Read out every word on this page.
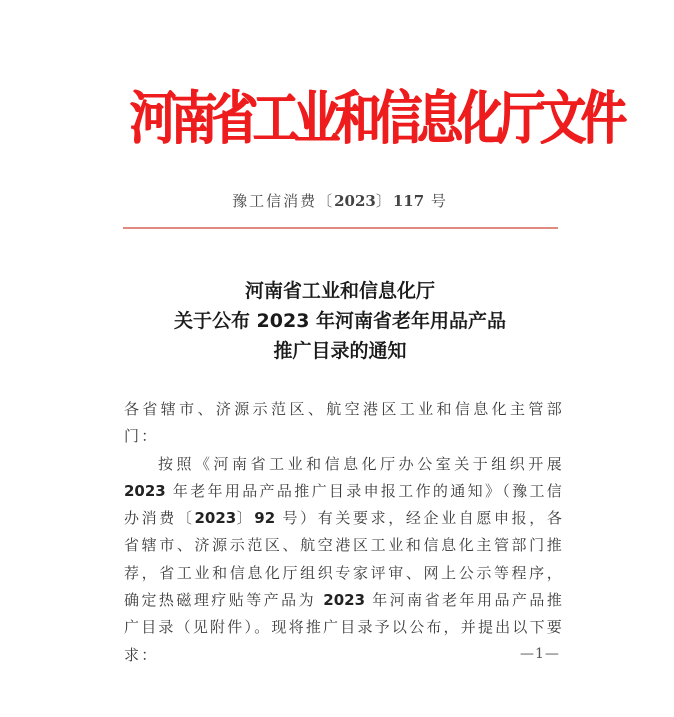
河南省工业和信息化厅文件
豫工信消费〔2023〕117 号
河南省工业和信息化厅
关于公布 2023 年河南省老年用品产品
推广目录的通知

各省辖市、济源示范区、航空港区工业和信息化主管部门：

按照《河南省工业和信息化厅办公室关于组织开展 2023 年老年用品产品推广目录申报工作的通知》（豫工信办消费〔2023〕92 号）有关要求，经企业自愿申报，各省辖市、济源示范区、航空港区工业和信息化主管部门推荐，省工业和信息化厅组织专家评审、网上公示等程序，确定热磁理疗贴等产品为 2023 年河南省老年用品产品推广目录（见附件）。现将推广目录予以公布，并提出以下要求：	—1—
